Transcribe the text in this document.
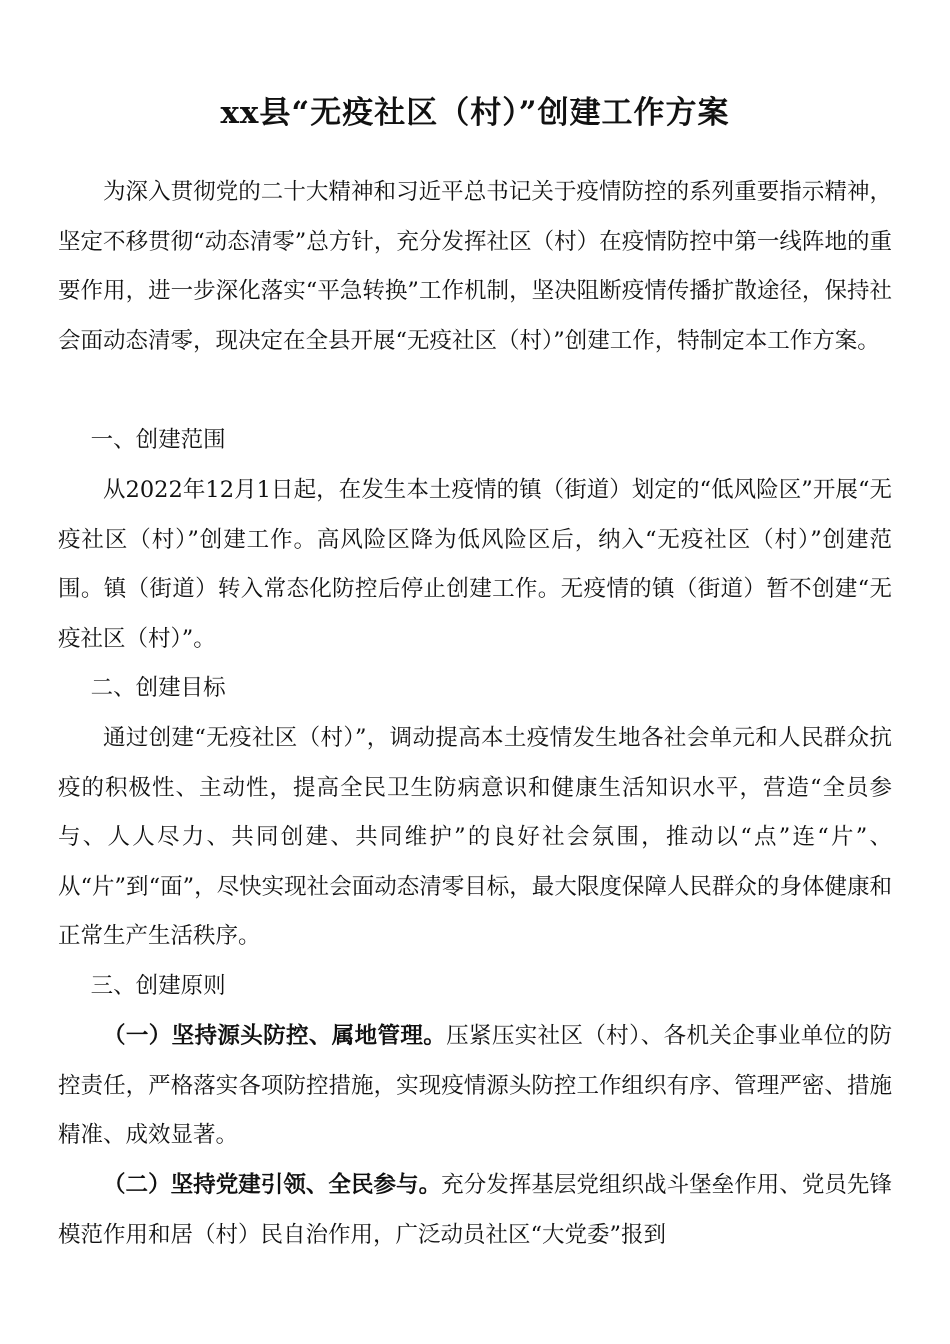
xx县“无疫社区（村）”创建工作方案

为深入贯彻党的二十大精神和习近平总书记关于疫情防控的系列重要指示精神，坚定不移贯彻“动态清零”总方针，充分发挥社区（村）在疫情防控中第一线阵地的重要作用，进一步深化落实“平急转换”工作机制，坚决阻断疫情传播扩散途径，保持社会面动态清零，现决定在全县开展“无疫社区（村）”创建工作，特制定本工作方案。

一、创建范围

从2022年12月1日起，在发生本土疫情的镇（街道）划定的“低风险区”开展“无疫社区（村）”创建工作。高风险区降为低风险区后，纳入“无疫社区（村）”创建范围。镇（街道）转入常态化防控后停止创建工作。无疫情的镇（街道）暂不创建“无疫社区（村）”。

二、创建目标

通过创建“无疫社区（村）”，调动提高本土疫情发生地各社会单元和人民群众抗疫的积极性、主动性，提高全民卫生防病意识和健康生活知识水平，营造“全员参与、人人尽力、共同创建、共同维护”的良好社会氛围，推动以“点”连“片”、从“片”到“面”，尽快实现社会面动态清零目标，最大限度保障人民群众的身体健康和正常生产生活秩序。

三、创建原则

（一）坚持源头防控、属地管理。压紧压实社区（村）、各机关企事业单位的防控责任，严格落实各项防控措施，实现疫情源头防控工作组织有序、管理严密、措施精准、成效显著。

（二）坚持党建引领、全民参与。充分发挥基层党组织战斗堡垒作用、党员先锋模范作用和居（村）民自治作用，广泛动员社区“大党委”报到
